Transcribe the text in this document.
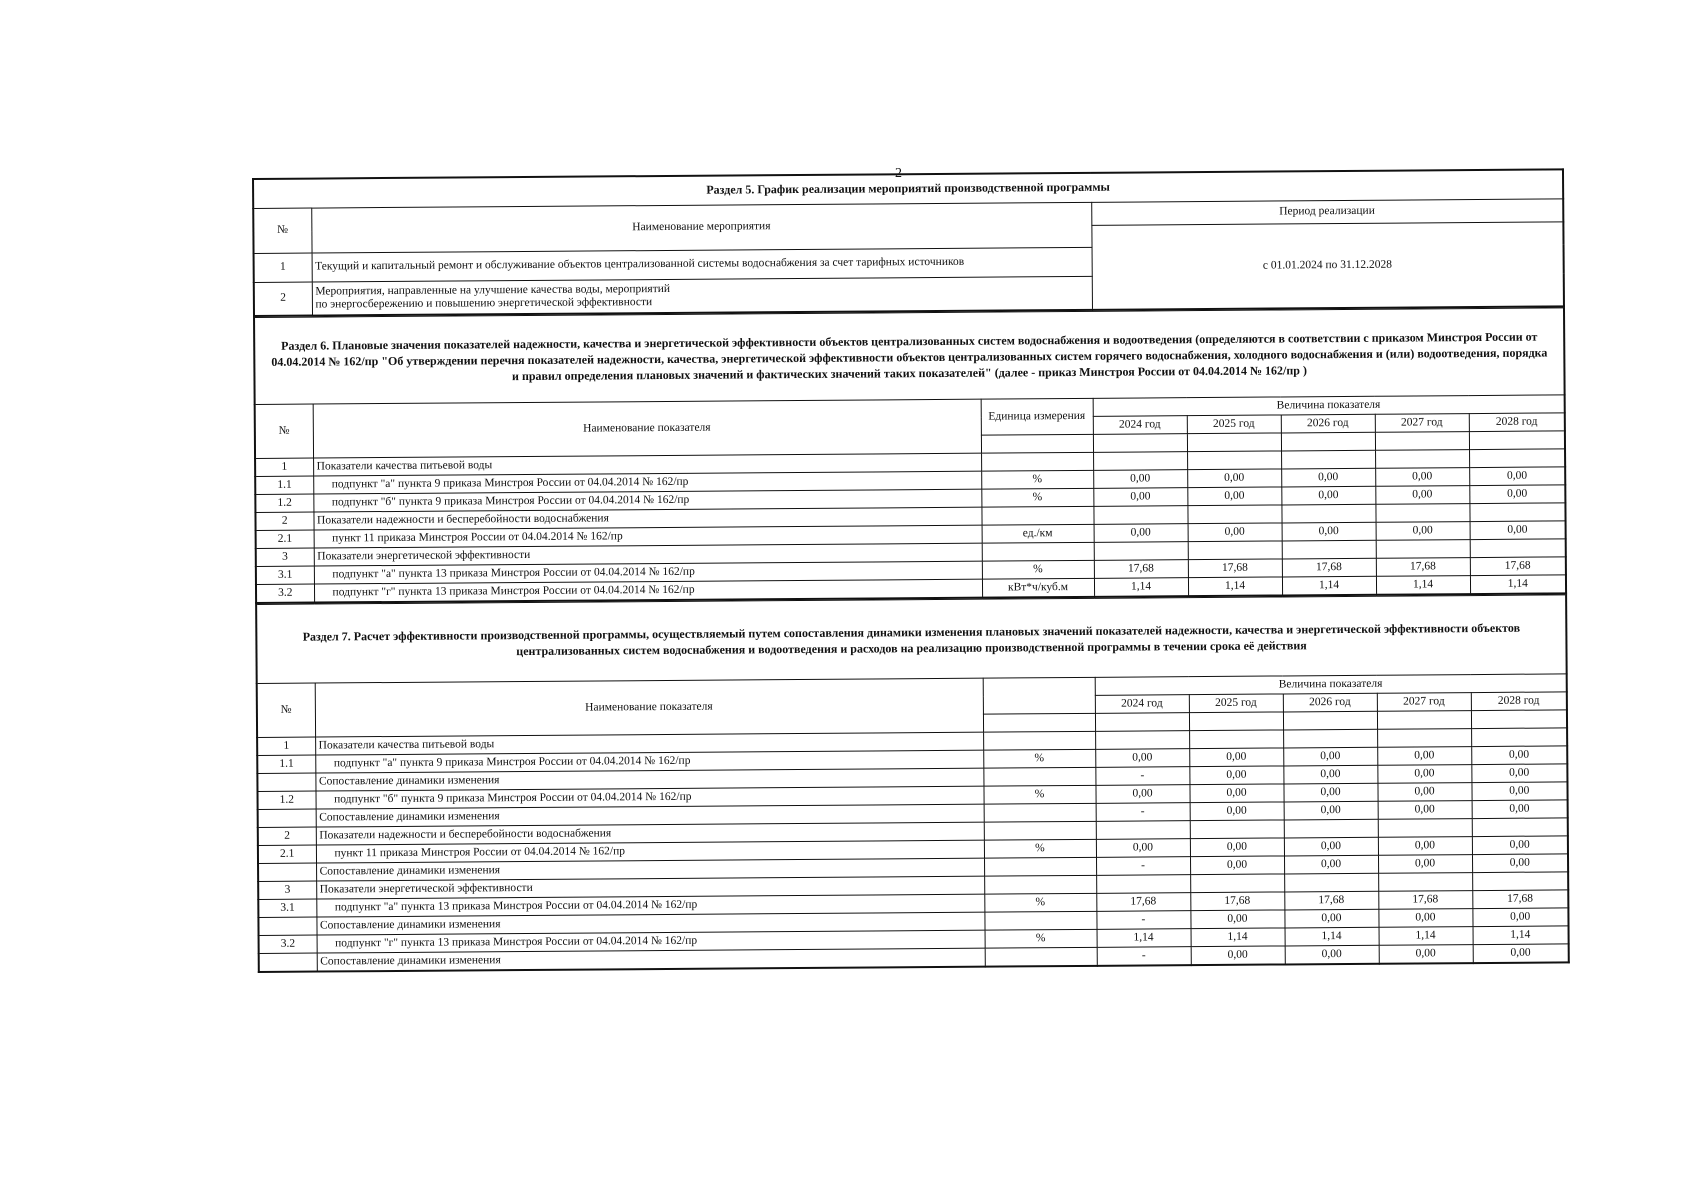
2
Раздел 5. График реализации мероприятий производственной программы		
№	Наименование мероприятия	Период реализации
		с 01.01.2024 по 31.12.2028
1	Текущий и капитальный ремонт и обслуживание объектов централизованной системы водоснабжения за счет тарифных источников	
2	Мероприятия, направленные на улучшение качества воды, мероприятий
по энергосбережению и повышению энергетической эффективности	
Раздел 6. Плановые значения показателей надежности, качества и энергетической эффективности объектов централизованных систем водоснабжения и водоотведения (определяются в соответствии с приказом Минстроя России от 04.04.2014 № 162/пр "Об утверждении перечня показателей надежности, качества, энергетической эффективности объектов централизованных систем горячего водоснабжения, холодного водоснабжения и (или) водоотведения, порядка и правил определения плановых значений и фактических значений таких показателей" (далее - приказ Минстроя России от 04.04.2014 № 162/пр )							
№	Наименование показателя	Единица измерения	Величина показателя				
			2024 год	2025 год	2026 год	2027 год	2028 год

1	Показатели качества питьевой воды						
1.1	подпункт "а" пункта 9 приказа Минстроя России от 04.04.2014 № 162/пр	%	0,00	0,00	0,00	0,00	0,00
1.2	подпункт "б" пункта 9 приказа Минстроя России от 04.04.2014 № 162/пр	%	0,00	0,00	0,00	0,00	0,00
2	Показатели надежности и бесперебойности водоснабжения						
2.1	пункт 11 приказа Минстроя России от 04.04.2014 № 162/пр	ед./км	0,00	0,00	0,00	0,00	0,00
3	Показатели энергетической эффективности						
3.1	подпункт "а" пункта 13 приказа Минстроя России от 04.04.2014 № 162/пр	%	17,68	17,68	17,68	17,68	17,68
3.2	подпункт "г" пункта 13 приказа Минстроя России от 04.04.2014 № 162/пр	кВт*ч/куб.м	1,14	1,14	1,14	1,14	1,14
Раздел 7. Расчет эффективности производственной программы, осуществляемый путем сопоставления динамики изменения плановых значений показателей надежности, качества и энергетической эффективности объектов централизованных систем водоснабжения и водоотведения и расходов на реализацию производственной программы в течении срока её действия							
№	Наименование показателя		Величина показателя				
			2024 год	2025 год	2026 год	2027 год	2028 год

1	Показатели качества питьевой воды						
1.1	подпункт "а" пункта 9 приказа Минстроя России от 04.04.2014 № 162/пр	%	0,00	0,00	0,00	0,00	0,00
	Сопоставление динамики изменения		-	0,00	0,00	0,00	0,00
1.2	подпункт "б" пункта 9 приказа Минстроя России от 04.04.2014 № 162/пр	%	0,00	0,00	0,00	0,00	0,00
	Сопоставление динамики изменения		-	0,00	0,00	0,00	0,00
2	Показатели надежности и бесперебойности водоснабжения						
2.1	пункт 11 приказа Минстроя России от 04.04.2014 № 162/пр	%	0,00	0,00	0,00	0,00	0,00
	Сопоставление динамики изменения		-	0,00	0,00	0,00	0,00
3	Показатели энергетической эффективности						
3.1	подпункт "а" пункта 13 приказа Минстроя России от 04.04.2014 № 162/пр	%	17,68	17,68	17,68	17,68	17,68
	Сопоставление динамики изменения		-	0,00	0,00	0,00	0,00
3.2	подпункт "г" пункта 13 приказа Минстроя России от 04.04.2014 № 162/пр	%	1,14	1,14	1,14	1,14	1,14
	Сопоставление динамики изменения		-	0,00	0,00	0,00	0,00
